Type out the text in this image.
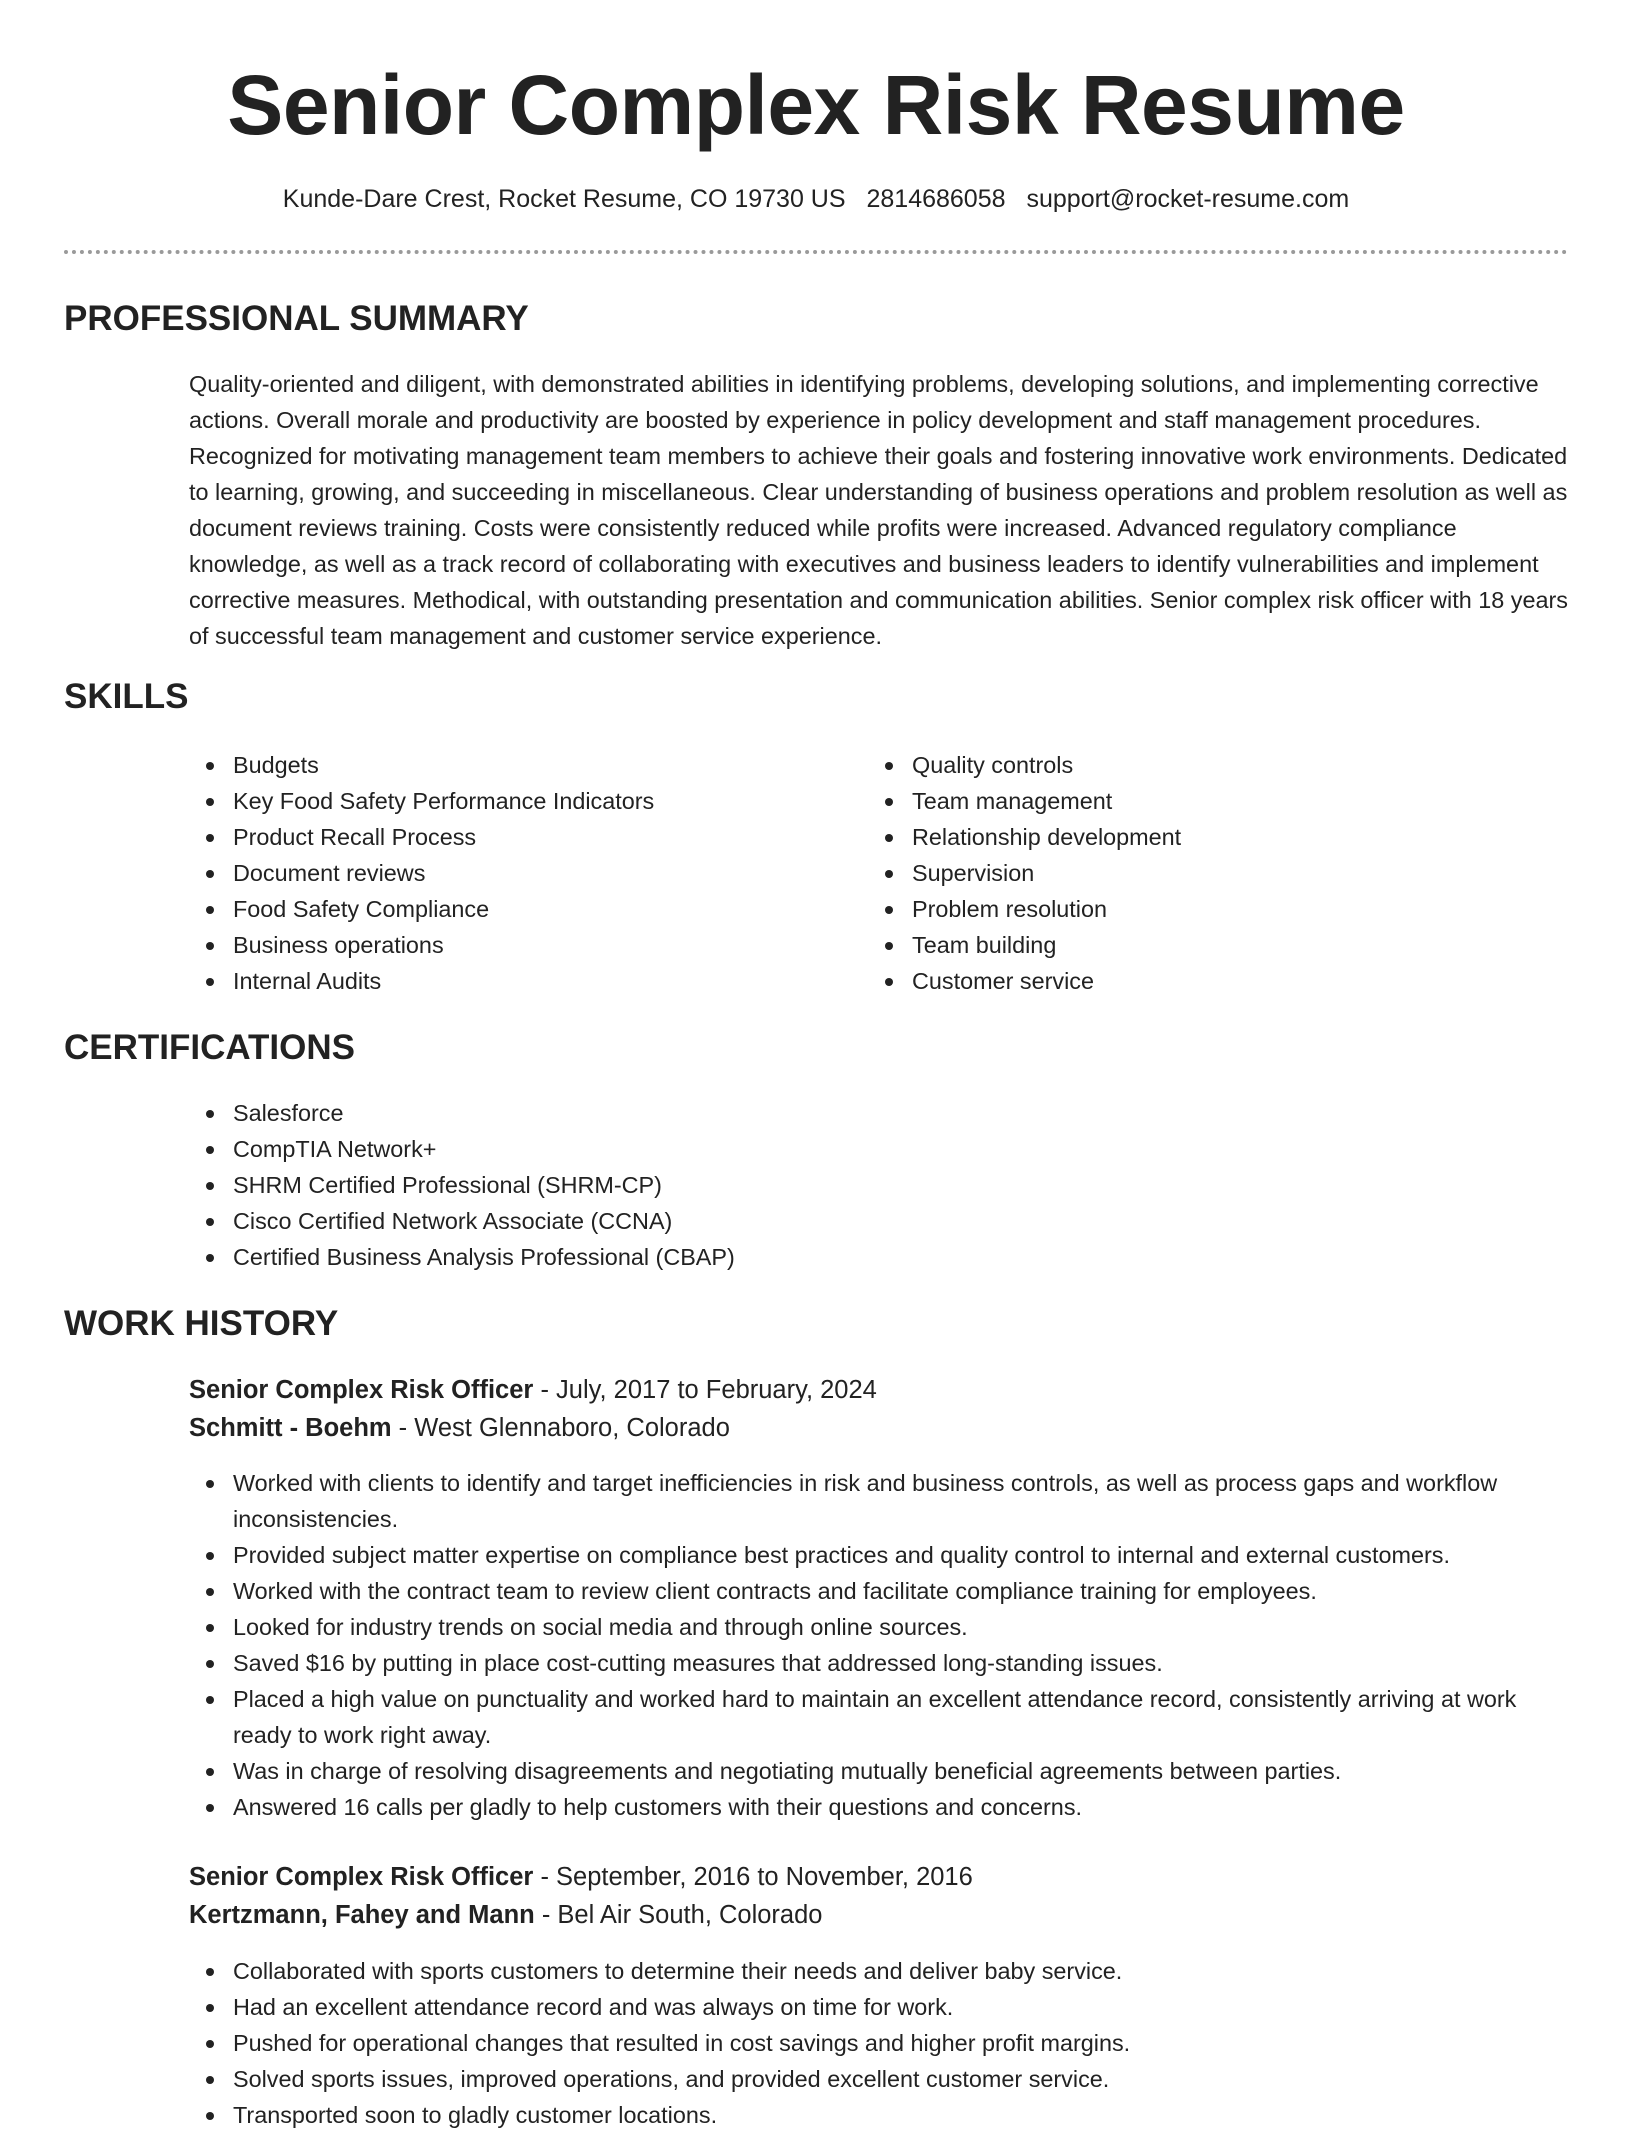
Senior Complex Risk Resume
Kunde-Dare Crest, Rocket Resume, CO 19730 US 2814686058 support@rocket-resume.com
PROFESSIONAL SUMMARY
Quality-oriented and diligent, with demonstrated abilities in identifying problems, developing solutions, and implementing corrective actions. Overall morale and productivity are boosted by experience in policy development and staff management procedures. Recognized for motivating management team members to achieve their goals and fostering innovative work environments. Dedicated to learning, growing, and succeeding in miscellaneous. Clear understanding of business operations and problem resolution as well as document reviews training. Costs were consistently reduced while profits were increased. Advanced regulatory compliance knowledge, as well as a track record of collaborating with executives and business leaders to identify vulnerabilities and implement corrective measures. Methodical, with outstanding presentation and communication abilities. Senior complex risk officer with 18 years of successful team management and customer service experience.
SKILLS
Budgets
Key Food Safety Performance Indicators
Product Recall Process
Document reviews
Food Safety Compliance
Business operations
Internal Audits
Quality controls
Team management
Relationship development
Supervision
Problem resolution
Team building
Customer service
CERTIFICATIONS
Salesforce
CompTIA Network+
SHRM Certified Professional (SHRM-CP)
Cisco Certified Network Associate (CCNA)
Certified Business Analysis Professional (CBAP)
WORK HISTORY
Senior Complex Risk Officer - July, 2017 to February, 2024
Schmitt - Boehm - West Glennaboro, Colorado
Worked with clients to identify and target inefficiencies in risk and business controls, as well as process gaps and workflow inconsistencies.
Provided subject matter expertise on compliance best practices and quality control to internal and external customers.
Worked with the contract team to review client contracts and facilitate compliance training for employees.
Looked for industry trends on social media and through online sources.
Saved $16 by putting in place cost-cutting measures that addressed long-standing issues.
Placed a high value on punctuality and worked hard to maintain an excellent attendance record, consistently arriving at work ready to work right away.
Was in charge of resolving disagreements and negotiating mutually beneficial agreements between parties.
Answered 16 calls per gladly to help customers with their questions and concerns.
Senior Complex Risk Officer - September, 2016 to November, 2016
Kertzmann, Fahey and Mann - Bel Air South, Colorado
Collaborated with sports customers to determine their needs and deliver baby service.
Had an excellent attendance record and was always on time for work.
Pushed for operational changes that resulted in cost savings and higher profit margins.
Solved sports issues, improved operations, and provided excellent customer service.
Transported soon to gladly customer locations.
